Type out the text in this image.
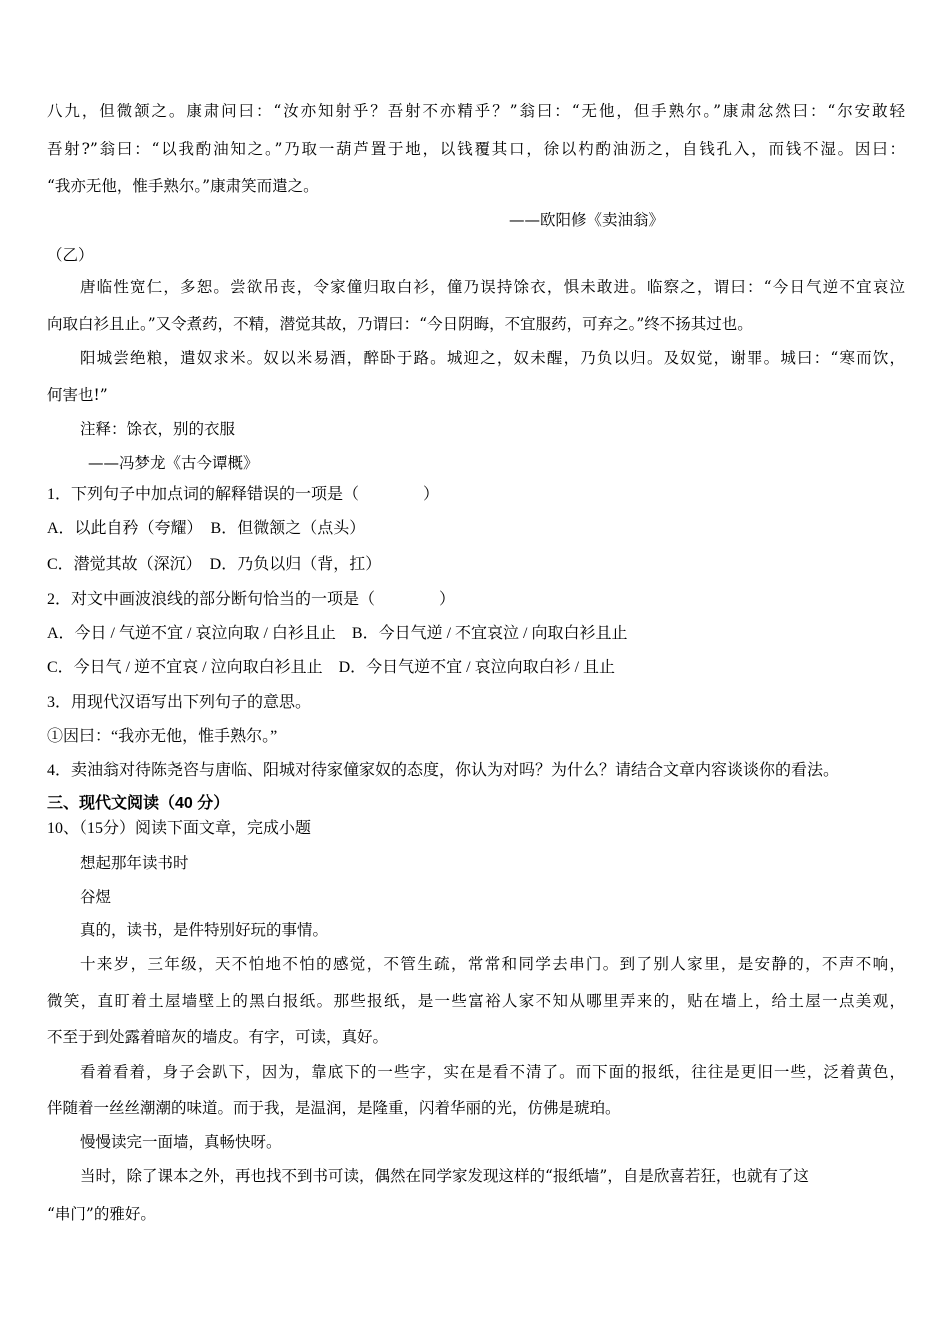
八九，但微颔之。康肃问曰：“汝亦知射乎？吾射不亦精乎？”翁曰：“无他，但手熟尔。”康肃忿然曰：“尔安敢轻
吾射?”翁曰：“以我酌油知之。”乃取一葫芦置于地，以钱覆其口，徐以杓酌油沥之，自钱孔入，而钱不湿。因曰：
“我亦无他，惟手熟尔。”康肃笑而遣之。
——欧阳修《卖油翁》
（乙）
唐临性宽仁，多恕。尝欲吊丧，令家僮归取白衫，僮乃误持馀衣，惧未敢进。临察之，谓曰：“今日气逆不宜哀泣
向取白衫且止。”又令煮药，不精，潜觉其故，乃谓曰：“今日阴晦，不宜服药，可弃之。”终不扬其过也。
阳城尝绝粮，遣奴求米。奴以米易酒，醉卧于路。城迎之，奴未醒，乃负以归。及奴觉，谢罪。城曰：“寒而饮，
何害也!”
注释：馀衣，别的衣服
——冯梦龙《古今谭概》
1．下列句子中加点词的解释错误的一项是（　　　　）
A．以此自矜（夸耀）　B．但微颔之（点头）
C．潜觉其故（深沉）　D．乃负以归（背，扛）
2．对文中画波浪线的部分断句恰当的一项是（　　　　）
A．今日 / 气逆不宜 / 哀泣向取 / 白衫且止　B．今日气逆 / 不宜哀泣 / 向取白衫且止
C．今日气 / 逆不宜哀 / 泣向取白衫且止　D．今日气逆不宜 / 哀泣向取白衫 / 且止
3．用现代汉语写出下列句子的意思。
①因曰：“我亦无他，惟手熟尔。”
4．卖油翁对待陈尧咨与唐临、阳城对待家僮家奴的态度，你认为对吗？为什么？请结合文章内容谈谈你的看法。
三、现代文阅读（40 分）
10、（15分）阅读下面文章，完成小题
想起那年读书时
谷煜
真的，读书，是件特别好玩的事情。
十来岁，三年级，天不怕地不怕的感觉，不管生疏，常常和同学去串门。到了别人家里，是安静的，不声不响，
微笑，直盯着土屋墙壁上的黑白报纸。那些报纸，是一些富裕人家不知从哪里弄来的，贴在墙上，给土屋一点美观，
不至于到处露着暗灰的墙皮。有字，可读，真好。
看着看着，身子会趴下，因为，靠底下的一些字，实在是看不清了。而下面的报纸，往往是更旧一些，泛着黄色，
伴随着一丝丝潮潮的味道。而于我，是温润，是隆重，闪着华丽的光，仿佛是琥珀。
慢慢读完一面墙，真畅快呀。
当时，除了课本之外，再也找不到书可读，偶然在同学家发现这样的“报纸墙”，自是欣喜若狂，也就有了这
“串门”的雅好。
